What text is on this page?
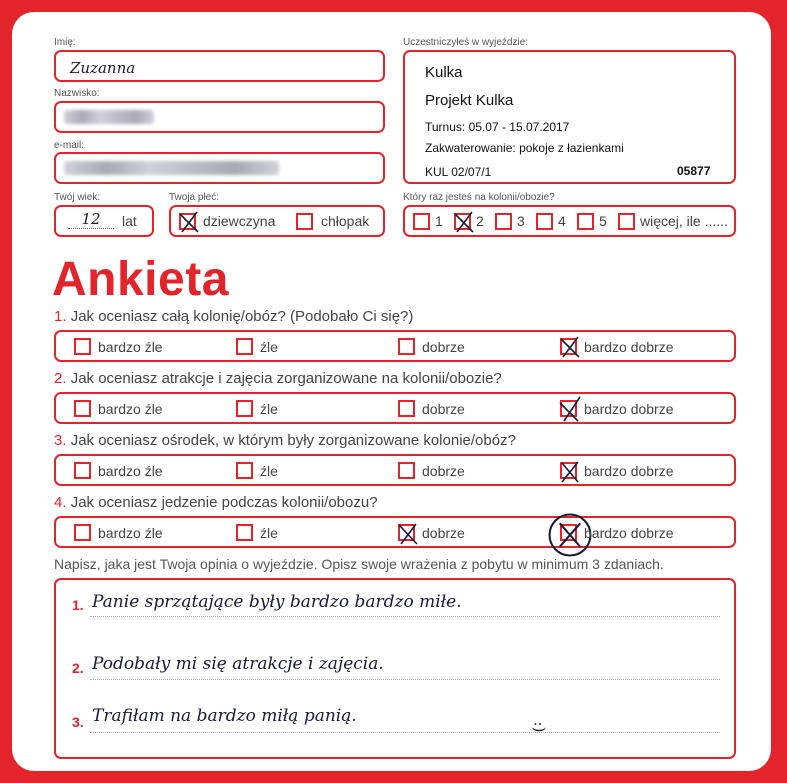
Imię:
Zuzanna
Nazwisko:
e-mail:
Twój wiek:
12	lat
Twoja płeć:
dziewczyna	chłopak
Uczestniczyłeś w wyjeździe:
Kulka
Projekt Kulka
Turnus: 05.07 - 15.07.2017
Zakwaterowanie: pokoje z łazienkami
KUL 02/07/1	05877
Który raz jesteś na kolonii/obozie?
1 2 3 4 5 więcej, ile ......
Ankieta
1. Jak oceniasz całą kolonię/obóz? (Podobało Ci się?)
bardzo źle	źle	dobrze	bardzo dobrze
2. Jak oceniasz atrakcje i zajęcia zorganizowane na kolonii/obozie?
bardzo źle	źle	dobrze	bardzo dobrze
3. Jak oceniasz ośrodek, w którym były zorganizowane kolonie/obóz?
bardzo źle	źle	dobrze	bardzo dobrze
4. Jak oceniasz jedzenie podczas kolonii/obozu?
bardzo źle	źle	dobrze	bardzo dobrze
Napisz, jaka jest Twoja opinia o wyjeździe. Opisz swoje wrażenia z pobytu w minimum 3 zdaniach.
1. Panie sprzątające były bardzo bardzo miłe.
2. Podobały mi się atrakcje i zajęcia.
3. Trafiłam na bardzo miłą panią.
:)
